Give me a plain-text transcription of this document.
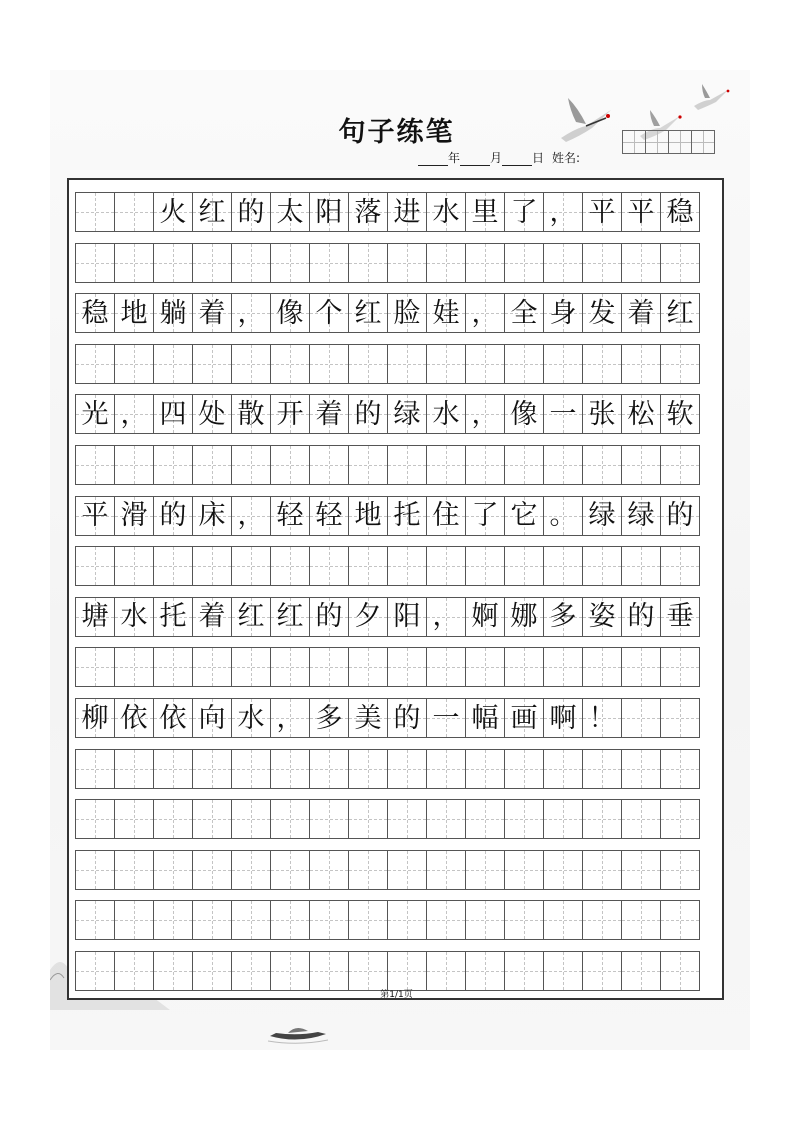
句子练笔
年	月	日 姓名:
火 红 的 太 阳 落 进 水 里 了 ， 平 平 稳
稳 地 躺 着 ， 像 个 红 脸 娃 ， 全 身 发 着 红
光 ， 四 处 散 开 着 的 绿 水 ， 像 一 张 松 软
平 滑 的 床 ， 轻 轻 地 托 住 了 它 。 绿 绿 的
塘 水 托 着 红 红 的 夕 阳 ， 婀 娜 多 姿 的 垂
柳 依 依 向 水 ， 多 美 的 一 幅 画 啊 ！
第1/1页
